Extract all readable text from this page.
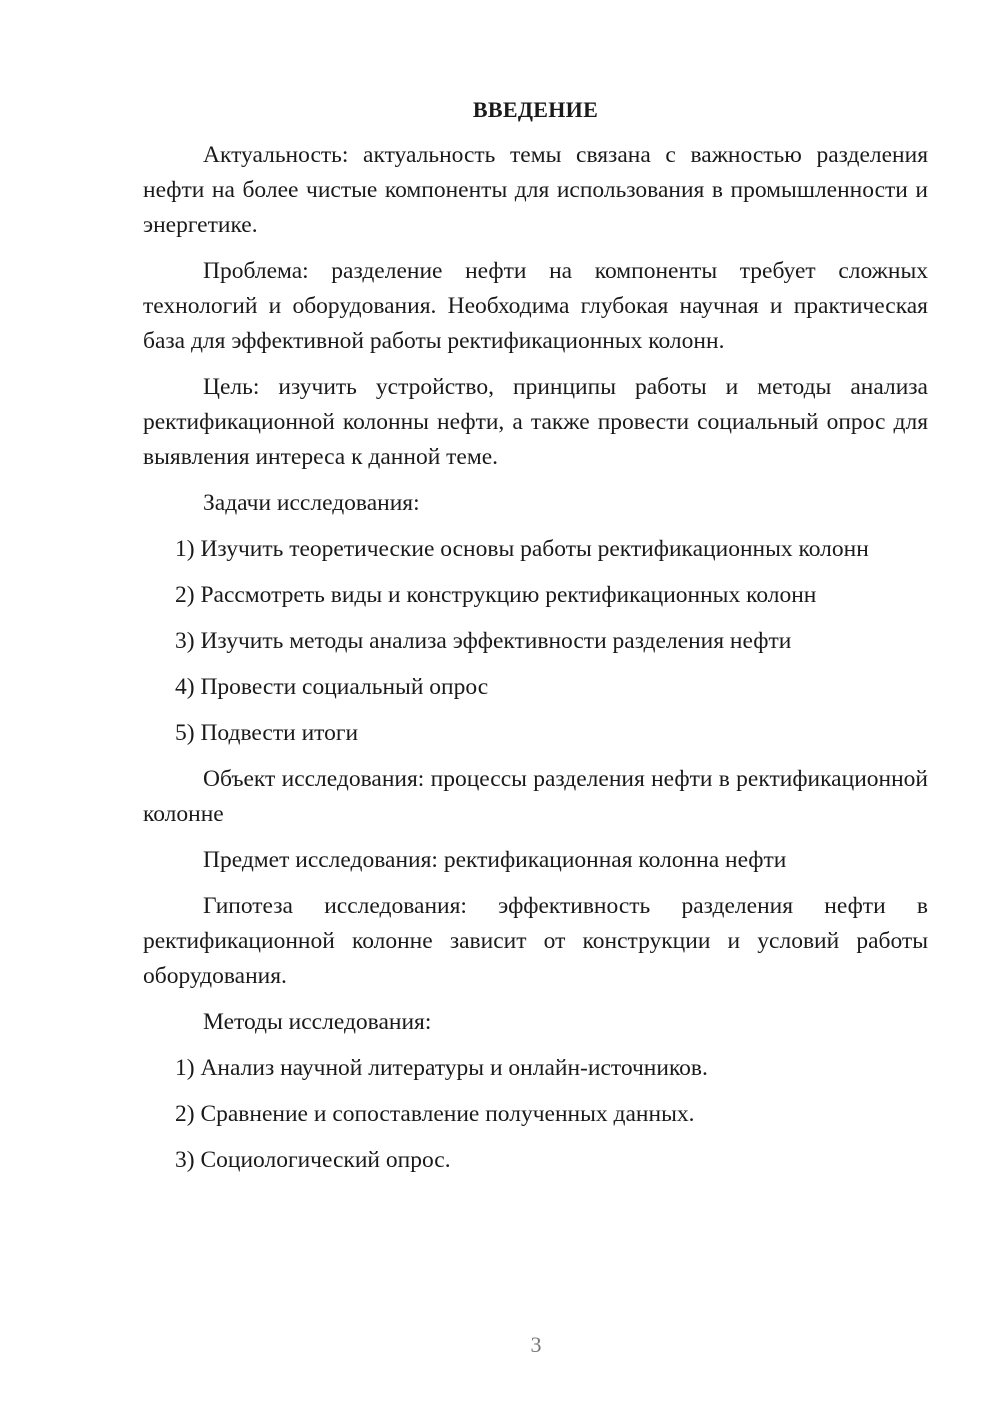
ВВЕДЕНИЕ

Актуальность: актуальность темы связана с важностью разделения нефти на более чистые компоненты для использования в промышленности и энергетике.

Проблема: разделение нефти на компоненты требует сложных технологий и оборудования. Необходима глубокая научная и практическая база для эффективной работы ректификационных колонн.

Цель: изучить устройство, принципы работы и методы анализа ректификационной колонны нефти, а также провести социальный опрос для выявления интереса к данной теме.

Задачи исследования:

1) Изучить теоретические основы работы ректификационных колонн

2) Рассмотреть виды и конструкцию ректификационных колонн

3) Изучить методы анализа эффективности разделения нефти

4) Провести социальный опрос

5) Подвести итоги

Объект исследования: процессы разделения нефти в ректификационной колонне

Предмет исследования: ректификационная колонна нефти

Гипотеза исследования: эффективность разделения нефти в ректификационной колонне зависит от конструкции и условий работы оборудования.

Методы исследования:

1) Анализ научной литературы и онлайн-источников.

2) Сравнение и сопоставление полученных данных.

3) Социологический опрос.

3
